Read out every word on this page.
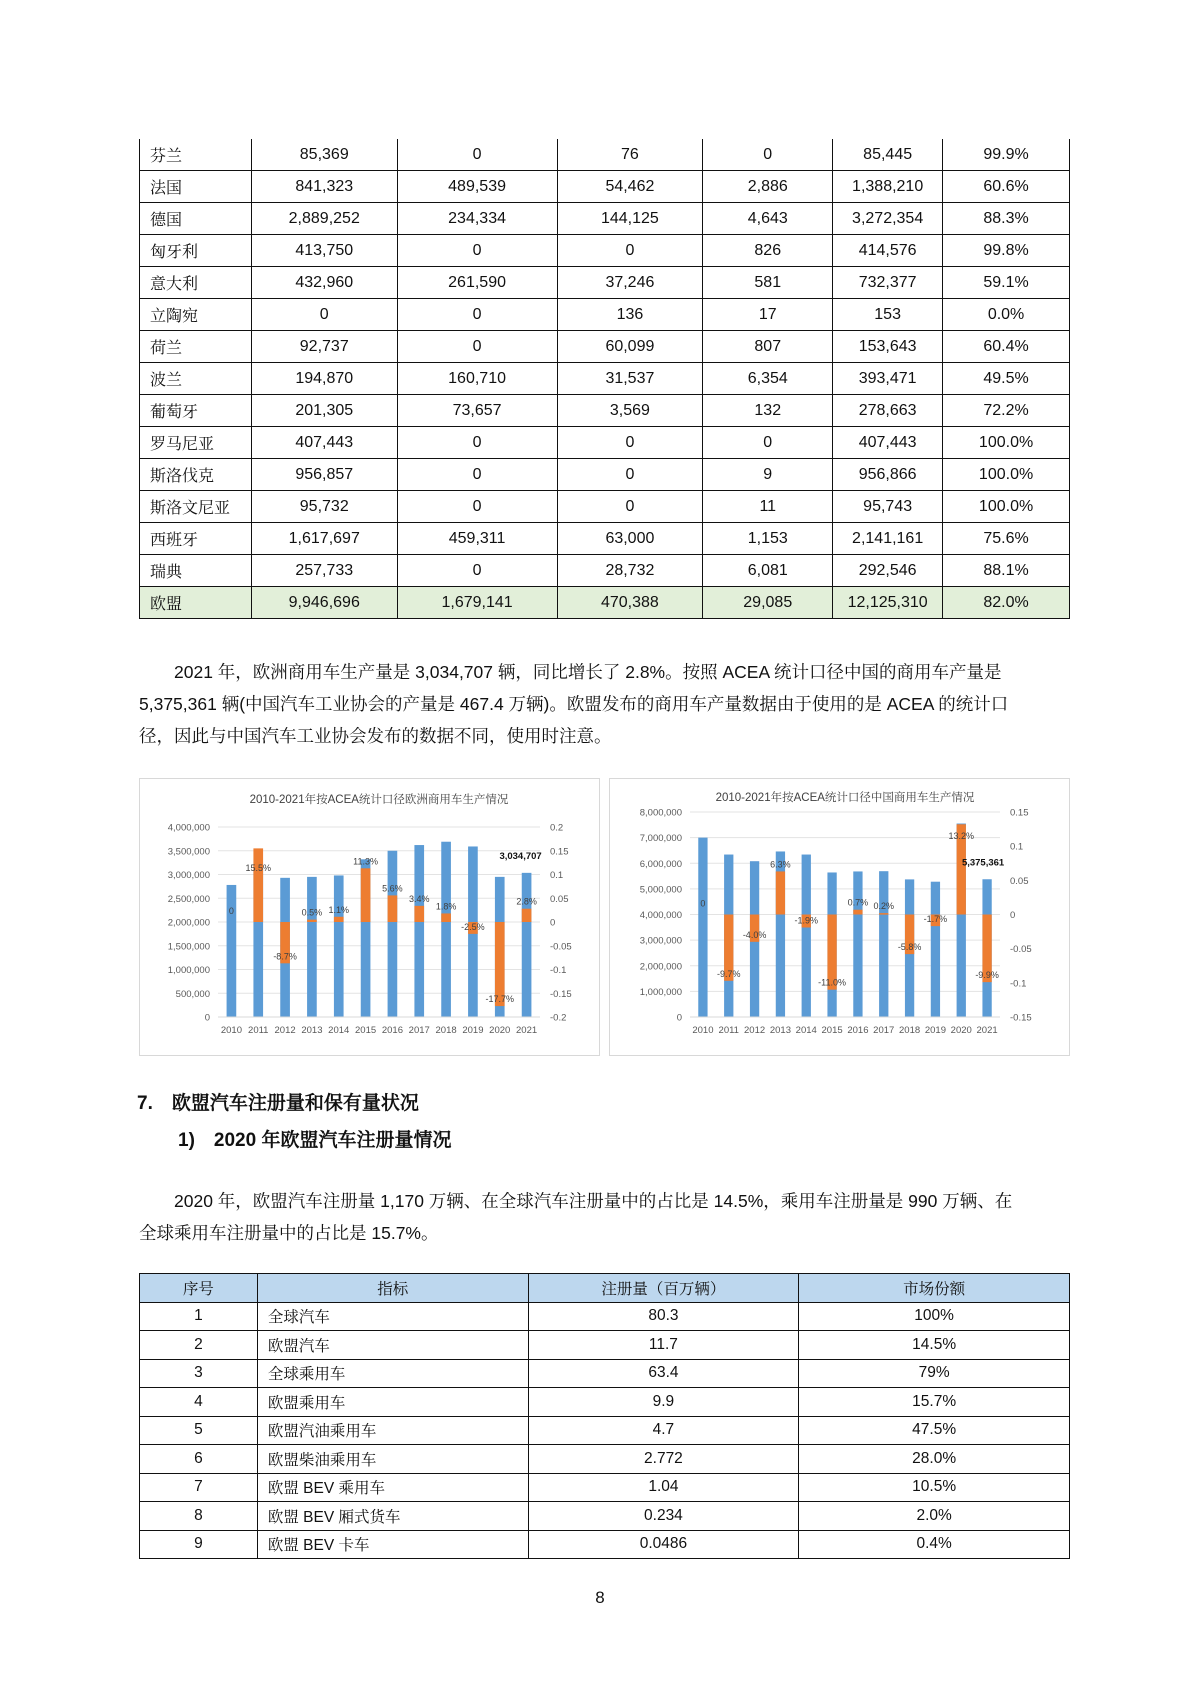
芬兰	85,369	0	76	0	85,445	99.9%
法国	841,323	489,539	54,462	2,886	1,388,210	60.6%
德国	2,889,252	234,334	144,125	4,643	3,272,354	88.3%
匈牙利	413,750	0	0	826	414,576	99.8%
意大利	432,960	261,590	37,246	581	732,377	59.1%
立陶宛	0	0	136	17	153	0.0%
荷兰	92,737	0	60,099	807	153,643	60.4%
波兰	194,870	160,710	31,537	6,354	393,471	49.5%
葡萄牙	201,305	73,657	3,569	132	278,663	72.2%
罗马尼亚	407,443	0	0	0	407,443	100.0%
斯洛伐克	956,857	0	0	9	956,866	100.0%
斯洛文尼亚	95,732	0	0	11	95,743	100.0%
西班牙	1,617,697	459,311	63,000	1,153	2,141,161	75.6%
瑞典	257,733	0	28,732	6,081	292,546	88.1%
欧盟	9,946,696	1,679,141	470,388	29,085	12,125,310	82.0%
　　2021 年，欧洲商用车生产量是 3,034,707 辆，同比增长了 2.8%。按照 ACEA 统计口径中国的商用车产量是
5,375,361 辆(中国汽车工业协会的产量是 467.4 万辆)。欧盟发布的商用车产量数据由于使用的是 ACEA 的统计口
径，因此与中国汽车工业协会发布的数据不同，使用时注意。
2010-2021年按ACEA统计口径欧洲商用车生产情况
4,000,000
3,500,000
3,000,000
2,500,000
2,000,000
1,500,000
1,000,000
500,000
0
0.2
0.15
0.1
0.05
0
-0.05
-0.1
-0.15
-0.2
0
2010
15.5%
2011
-8.7%
2012
0.5%
2013
1.1%
2014
11.3%
2015
5.6%
2016
3.4%
2017
1.8%
2018
-2.5%
2019
-17.7%
2020
2.8%
2021
3,034,707
2010-2021年按ACEA统计口径中国商用车生产情况
8,000,000
7,000,000
6,000,000
5,000,000
4,000,000
3,000,000
2,000,000
1,000,000
0
0.15
0.1
0.05
0
-0.05
-0.1
-0.15
0
2010
-9.7%
2011
-4.0%
2012
6.3%
2013
-1.9%
2014
-11.0%
2015
0.7%
2016
0.2%
2017
-5.8%
2018
-1.7%
2019
13.2%
2020
-9.9%
2021
5,375,361
7.　欧盟汽车注册量和保有量状况
1)　2020 年欧盟汽车注册量情况
　　2020 年，欧盟汽车注册量 1,170 万辆、在全球汽车注册量中的占比是 14.5%，乘用车注册量是 990 万辆、在
全球乘用车注册量中的占比是 15.7%。
序号	指标	注册量（百万辆）	市场份额
1	全球汽车	80.3	100%
2	欧盟汽车	11.7	14.5%
3	全球乘用车	63.4	79%
4	欧盟乘用车	9.9	15.7%
5	欧盟汽油乘用车	4.7	47.5%
6	欧盟柴油乘用车	2.772	28.0%
7	欧盟 BEV 乘用车	1.04	10.5%
8	欧盟 BEV 厢式货车	0.234	2.0%
9	欧盟 BEV 卡车	0.0486	0.4%
8
